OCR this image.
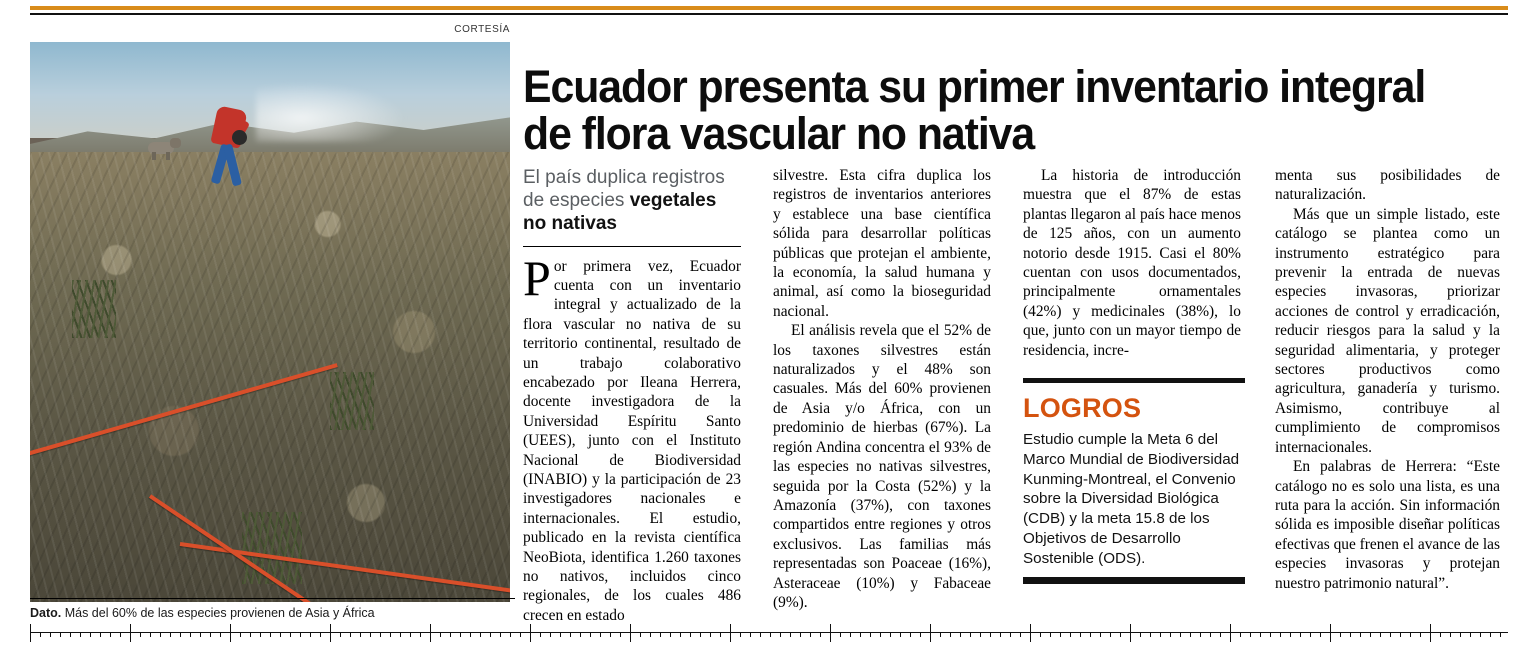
CORTESÍA
Dato. Más del 60% de las especies provienen de Asia y África
Ecuador presenta su primer inventario integral de flora vascular no nativa
El país duplica registros de especies vegetales no nativas

Por primera vez, Ecuador cuenta con un inventario integral y actualizado de la flora vascular no nativa de su territorio continental, resultado de un trabajo colaborativo encabezado por Ileana Herrera, docente investigadora de la Universidad Espíritu Santo (UEES), junto con el Instituto Nacional de Biodiversidad (INABIO) y la participación de 23 investigadores nacionales e internacionales. El estudio, publicado en la revista científica NeoBiota, identifica 1.260 taxones no nativos, incluidos cinco regionales, de los cuales 486 crecen en estado

silvestre. Esta cifra duplica los registros de inventarios anteriores y establece una base científica sólida para desarrollar políticas públicas que protejan el ambiente, la economía, la salud humana y animal, así como la bioseguridad nacional.

El análisis revela que el 52% de los taxones silvestres están naturalizados y el 48% son casuales. Más del 60% provienen de Asia y/o África, con un predominio de hierbas (67%). La región Andina concentra el 93% de las especies no nativas silvestres, seguida por la Costa (52%) y la Amazonía (37%), con taxones compartidos entre regiones y otros exclusivos. Las familias más representadas son Poaceae (16%), Asteraceae (10%) y Fabaceae (9%).

La historia de introducción muestra que el 87% de estas plantas llegaron al país hace menos de 125 años, con un aumento notorio desde 1915. Casi el 80% cuentan con usos documentados, principalmente ornamentales (42%) y medicinales (38%), lo que, junto con un mayor tiempo de residencia, incre-

menta sus posibilidades de naturalización.

Más que un simple listado, este catálogo se plantea como un instrumento estratégico para prevenir la entrada de nuevas especies invasoras, priorizar acciones de control y erradicación, reducir riesgos para la salud y la seguridad alimentaria, y proteger sectores productivos como agricultura, ganadería y turismo. Asimismo, contribuye al cumplimiento de compromisos internacionales.

En palabras de Herrera: “Este catálogo no es solo una lista, es una ruta para la acción. Sin información sólida es imposible diseñar políticas efectivas que frenen el avance de las especies invasoras y protejan nuestro patrimonio natural”.

LOGROS

Estudio cumple la Meta 6 del Marco Mundial de Biodiversidad Kunming-Montreal, el Convenio sobre la Diversidad Biológica (CDB) y la meta 15.8 de los Objetivos de Desarrollo Sostenible (ODS).
